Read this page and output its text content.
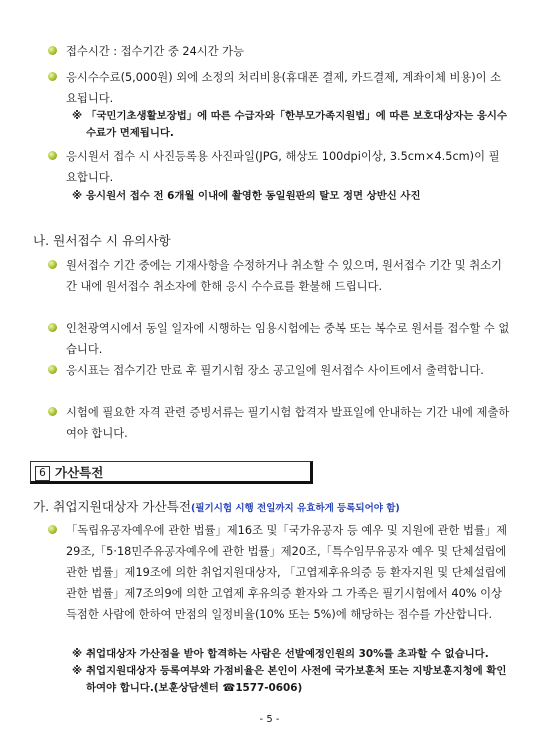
접수시간 : 접수기간 중 24시간 가능
응시수수료(5,000원) 외에 소정의 처리비용(휴대폰 결제, 카드결제, 계좌이체 비용)이 소요됩니다.
※ 「국민기초생활보장법」에 따른 수급자와「한부모가족지원법」에 따른 보호대상자는 응시수수료가 면제됩니다.
응시원서 접수 시 사진등록용 사진파일(JPG, 해상도 100dpi이상, 3.5cm×4.5cm)이 필요합니다.
※ 응시원서 접수 전 6개월 이내에 촬영한 동일원판의 탈모 정면 상반신 사진
나. 원서접수 시 유의사항
원서접수 기간 중에는 기재사항을 수정하거나 취소할 수 있으며, 원서접수 기간 및 취소기간 내에 원서접수 취소자에 한해 응시 수수료를 환불해 드립니다.
인천광역시에서 동일 일자에 시행하는 임용시험에는 중복 또는 복수로 원서를 접수할 수 없습니다.
응시표는 접수기간 만료 후 필기시험 장소 공고일에 원서접수 사이트에서 출력합니다.
시험에 필요한 자격 관련 증빙서류는 필기시험 합격자 발표일에 안내하는 기간 내에 제출하여야 합니다.
6 가산특전
가. 취업지원대상자 가산특전(필기시험 시행 전일까지 유효하게 등록되어야 함)
「독립유공자예우에 관한 법률」제16조 및「국가유공자 등 예우 및 지원에 관한 법률」제29조,「5·18민주유공자예우에 관한 법률」제20조,「특수임무유공자 예우 및 단체설립에 관한 법률」제19조에 의한 취업지원대상자, 「고엽제후유의증 등 환자지원 및 단체설립에 관한 법률」제7조의9에 의한 고엽제 후유의증 환자와 그 가족은 필기시험에서 40% 이상 득점한 사람에 한하여 만점의 일정비율(10% 또는 5%)에 해당하는 점수를 가산합니다.
※ 취업대상자 가산점을 받아 합격하는 사람은 선발예정인원의 30%를 초과할 수 없습니다.
※ 취업지원대상자 등록여부와 가점비율은 본인이 사전에 국가보훈처 또는 지방보훈지청에 확인하여야 합니다.(보훈상담센터 ☎1577-0606)
- 5 -
